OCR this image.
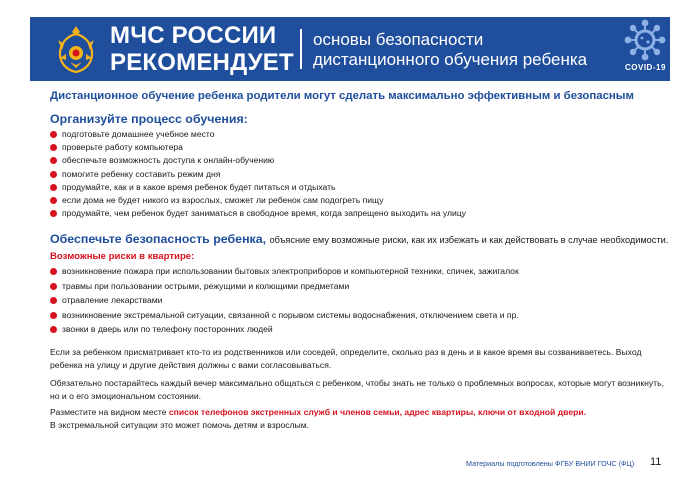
МЧС РОССИИ
РЕКОМЕНДУЕТ
основы безопасности
дистанционного обучения ребенка	COVID-19
Дистанционное обучение ребенка родители могут сделать максимально эффективным и безопасным
Организуйте процесс обучения:
подготовьте домашнее учебное место
проверьте работу компьютера
обеспечьте возможность доступа к онлайн-обучению
помогите ребенку составить режим дня
продумайте, как и в какое время ребенок будет питаться и отдыхать
если дома не будет никого из взрослых, сможет ли ребенок сам подогреть пищу
продумайте, чем ребенок будет заниматься в свободное время, когда запрещено выходить на улицу
Обеспечьте безопасность ребенка, объясние ему возможные риски, как их избежать и как действовать в случае необходимости.
Возможные риски в квартире:
возникновение пожара при использовании бытовых электроприборов и компьютерной техники, спичек, зажигалок
травмы при пользовании острыми, режущими и колющими предметами
отравление лекарствами
возникновение экстремальной ситуации, связанной с порывом системы водоснабжения, отключением света и пр.
звонки в дверь или по телефону посторонних людей

Если за ребенком присматривает кто-то из родственников или соседей, определите, сколько раз в день и в какое время вы созваниваетесь. Выход ребенка на улицу и другие действия должны с вами согласовываться.

Обязательно постарайтесь каждый вечер максимально общаться с ребенком, чтобы знать не только о проблемных вопросах, которые могут возникнуть, но и о его эмоциональном состоянии.

Разместите на видном месте список телефонов экстренных служб и членов семьи, адрес квартиры, ключи от входной двери.
В экстремальной ситуации это может помочь детям и взрослым.

Материалы подготовлены ФГБУ ВНИИ ГОЧС (ФЦ) 11
